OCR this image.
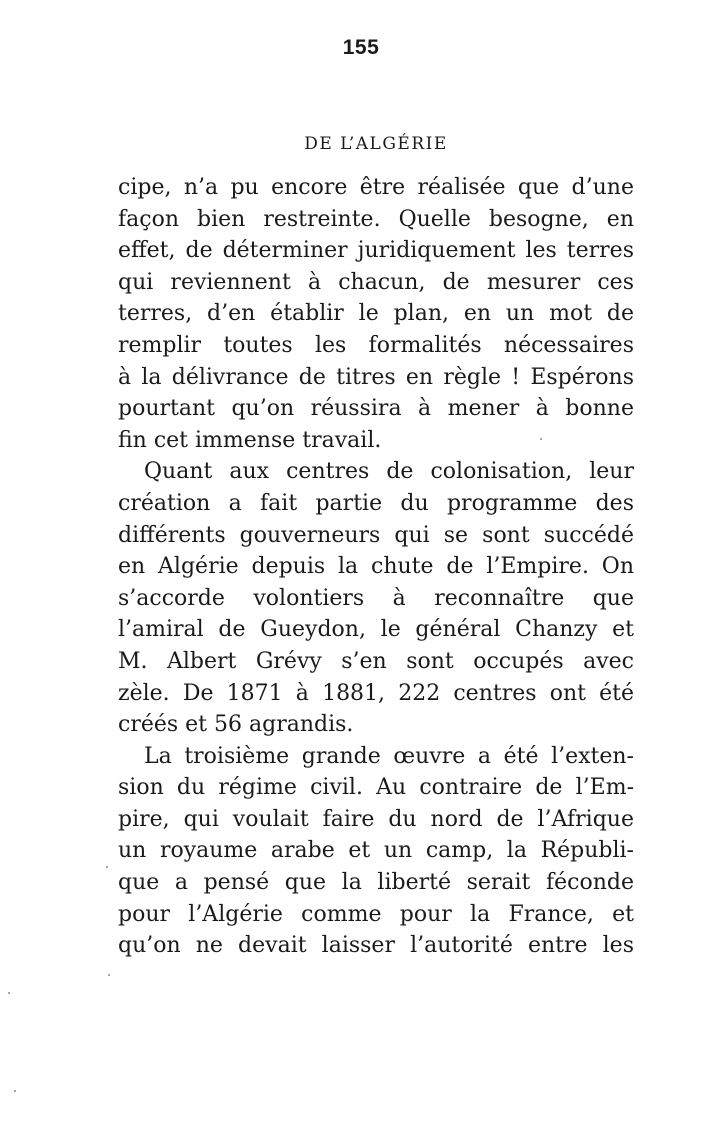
155
DE L’ALGÉRIE
cipe, n’a pu encore être réalisée que d’une
façon bien restreinte. Quelle besogne, en
effet, de déterminer juridiquement les terres
qui reviennent à chacun, de mesurer ces
terres, d’en établir le plan, en un mot de
remplir toutes les formalités nécessaires
à la délivrance de titres en règle ! Espérons
pourtant qu’on réussira à mener à bonne
fin cet immense travail.
Quant aux centres de colonisation, leur
création a fait partie du programme des
différents gouverneurs qui se sont succédé
en Algérie depuis la chute de l’Empire. On
s’accorde volontiers à reconnaître que
l’amiral de Gueydon, le général Chanzy et
M. Albert Grévy s’en sont occupés avec
zèle. De 1871 à 1881, 222 centres ont été
créés et 56 agrandis.
La troisième grande œuvre a été l’exten-
sion du régime civil. Au contraire de l’Em-
pire, qui voulait faire du nord de l’Afrique
un royaume arabe et un camp, la Républi-
que a pensé que la liberté serait féconde
pour l’Algérie comme pour la France, et
qu’on ne devait laisser l’autorité entre les
